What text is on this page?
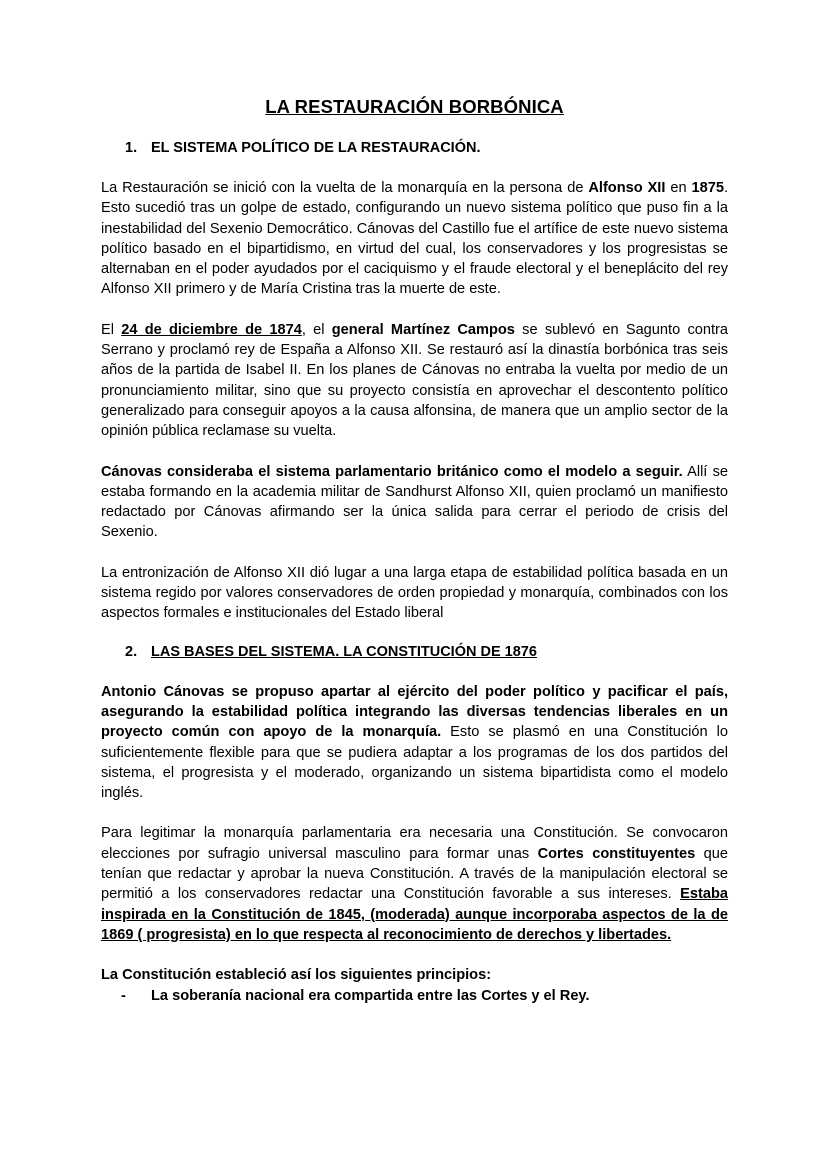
LA RESTAURACIÓN BORBÓNICA
1. EL SISTEMA POLÍTICO DE LA RESTAURACIÓN.

La Restauración se inició con la vuelta de la monarquía en la persona de Alfonso XII en 1875. Esto sucedió tras un golpe de estado, configurando un nuevo sistema político que puso fin a la inestabilidad del Sexenio Democrático. Cánovas del Castillo fue el artífice de este nuevo sistema político basado en el bipartidismo, en virtud del cual, los conservadores y los progresistas se alternaban en el poder ayudados por el caciquismo y el fraude electoral y el beneplácito del rey Alfonso XII primero y de María Cristina tras la muerte de este.

El 24 de diciembre de 1874, el general Martínez Campos se sublevó en Sagunto contra Serrano y proclamó rey de España a Alfonso XII. Se restauró así la dinastía borbónica tras seis años de la partida de Isabel II. En los planes de Cánovas no entraba la vuelta por medio de un pronunciamiento militar, sino que su proyecto consistía en aprovechar el descontento político generalizado para conseguir apoyos a la causa alfonsina, de manera que un amplio sector de la opinión pública reclamase su vuelta.

Cánovas consideraba el sistema parlamentario británico como el modelo a seguir. Allí se estaba formando en la academia militar de Sandhurst Alfonso XII, quien proclamó un manifiesto redactado por Cánovas afirmando ser la única salida para cerrar el periodo de crisis del Sexenio.

La entronización de Alfonso XII dió lugar a una larga etapa de estabilidad política basada en un sistema regido por valores conservadores de orden propiedad y monarquía, combinados con los aspectos formales e institucionales del Estado liberal

2. LAS BASES DEL SISTEMA. LA CONSTITUCIÓN DE 1876

Antonio Cánovas se propuso apartar al ejército del poder político y pacificar el país, asegurando la estabilidad política integrando las diversas tendencias liberales en un proyecto común con apoyo de la monarquía. Esto se plasmó en una Constitución lo suficientemente flexible para que se pudiera adaptar a los programas de los dos partidos del sistema, el progresista y el moderado, organizando un sistema bipartidista como el modelo inglés.

Para legitimar la monarquía parlamentaria era necesaria una Constitución. Se convocaron elecciones por sufragio universal masculino para formar unas Cortes constituyentes que tenían que redactar y aprobar la nueva Constitución. A través de la manipulación electoral se permitió a los conservadores redactar una Constitución favorable a sus intereses. Estaba inspirada en la Constitución de 1845, (moderada) aunque incorporaba aspectos de la de 1869 ( progresista) en lo que respecta al reconocimiento de derechos y libertades.

La Constitución estableció así los siguientes principios:
-	La soberanía nacional era compartida entre las Cortes y el Rey.
